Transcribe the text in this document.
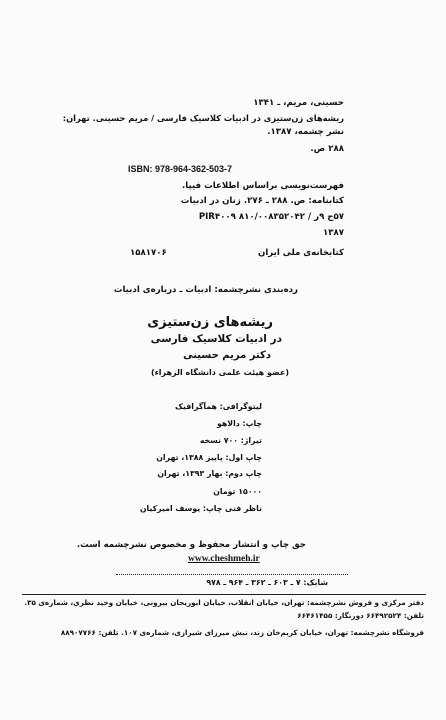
حسینی، مریم، ـ ۱۳۴۱
ریشه‌های زن‌ستیزی در ادبیات کلاسیک فارسی / مریم حسینی. تهران:
نشر چشمه، ۱۳۸۷.
۲۸۸ ص.
ISBN: 978-964-362-503-7
فهرست‌نویسی براساس اطلاعات فیپا.
کتابنامه: ص. ۲۸۸ ـ ۲۷۶. زنان در ادبیات
۵۷ح ۹ر / PIR۴۰۰۹ ۸۱۰/۰۰۸۳۵۲۰۴۲
۱۳۸۷
کتابخانه‌ی ملی ایران
۱۵۸۱۷۰۶
رده‌بندی نشرچشمه: ادبیات ـ درباره‌ی ادبیات
ریشه‌های زن‌ستیزی
در ادبیات کلاسیک فارسی
دکتر مریم حسینی
(عضو هیئت علمی دانشگاه الزهراء)
لیتوگرافی: همآگرافیک
چاپ: دالاهو
تیراژ: ۷۰۰ نسخه
چاپ اول: پاییز ۱۳۸۸، تهران
چاپ دوم: بهار ۱۳۹۳، تهران
۱۵۰۰۰ تومان
ناظر فنی چاپ: یوسف امیرکیان
حق چاپ و انتشار محفوظ و مخصوص نشرچشمه است.
www.cheshmeh.ir
شابک: ۷ ـ ۶۰۳ ـ ۳۶۲ ـ ۹۶۴ ـ ۹۷۸
دفتر مرکزی و فروش نشرچشمه: تهران، خیابان انقلاب، خیابان ابوریحان بیرونی، خیابان وحید نظری، شماره‌ی ۳۵.
تلفن: ۶۶۴۹۲۵۲۴ دورنگار: ۶۶۴۶۱۴۵۵
فروشگاه نشرچشمه: تهران، خیابان کریم‌خان زند، نبش میرزای شیرازی، شماره‌ی ۱۰۷. تلفن: ۸۸۹۰۷۷۶۶
